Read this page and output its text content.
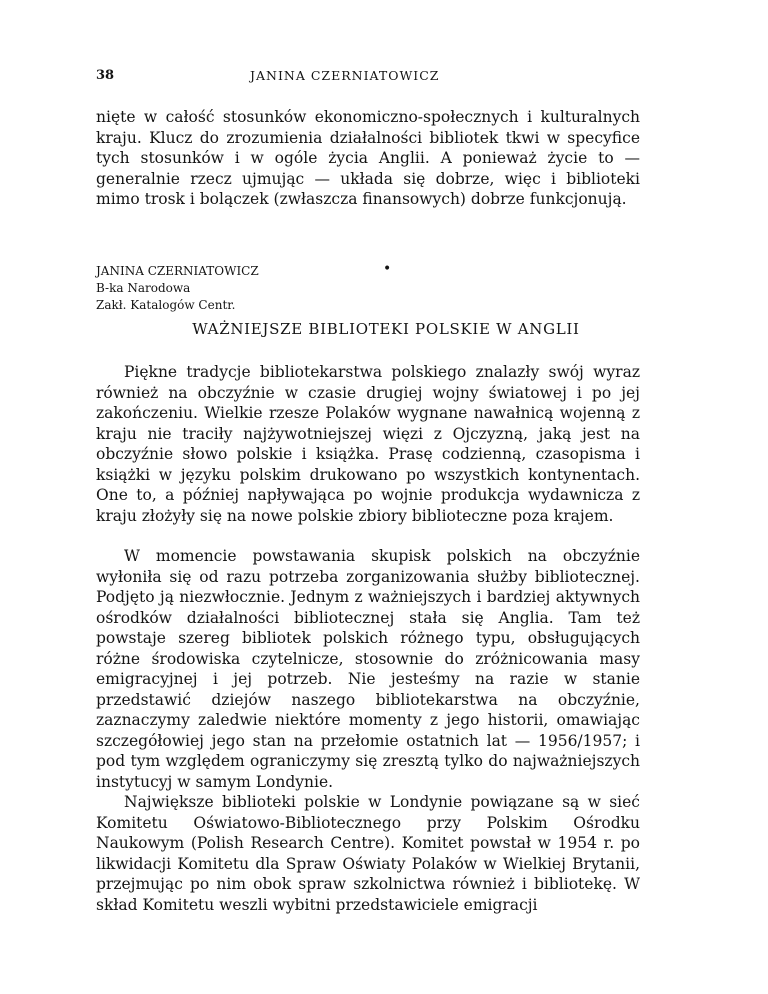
38	JANINA CZERNIATOWICZ

nięte w całość stosunków ekonomiczno-społecznych i kulturalnych kraju. Klucz do zrozumienia działalności bibliotek tkwi w specyfice tych stosunków i w ogóle życia Anglii. A ponieważ życie to — generalnie rzecz ujmując — układa się dobrze, więc i biblioteki mimo trosk i bolączek (zwłaszcza finansowych) dobrze funkcjonują.

JANINA CZERNIATOWICZ
B-ka Narodowa
Zakł. Katalogów Centr.
•
WAŻNIEJSZE BIBLIOTEKI POLSKIE W ANGLII

Piękne tradycje bibliotekarstwa polskiego znalazły swój wyraz również na obczyźnie w czasie drugiej wojny światowej i po jej zakończeniu. Wielkie rzesze Polaków wygnane nawałnicą wojenną z kraju nie traciły najżywotniejszej więzi z Ojczyzną, jaką jest na obczyźnie słowo polskie i książka. Prasę codzienną, czasopisma i książki w języku polskim drukowano po wszystkich kontynentach. One to, a później napływająca po wojnie produkcja wydawnicza z kraju złożyły się na nowe polskie zbiory biblioteczne poza krajem.

W momencie powstawania skupisk polskich na obczyźnie wyłoniła się od razu potrzeba zorganizowania służby bibliotecznej. Podjęto ją niezwłocznie. Jednym z ważniejszych i bardziej aktywnych ośrodków działalności bibliotecznej stała się Anglia. Tam też powstaje szereg bibliotek polskich różnego typu, obsługujących różne środowiska czytelnicze, stosownie do zróżnicowania masy emigracyjnej i jej potrzeb. Nie jesteśmy na razie w stanie przedstawić dziejów naszego bibliotekarstwa na obczyźnie, zaznaczymy zaledwie niektóre momenty z jego historii, omawiając szczegółowiej jego stan na przełomie ostatnich lat — 1956/1957; i pod tym względem ograniczymy się zresztą tylko do najważniejszych instytucyj w samym Londynie.

Największe biblioteki polskie w Londynie powiązane są w sieć Komitetu Oświatowo-Bibliotecznego przy Polskim Ośrodku Naukowym (Polish Research Centre). Komitet powstał w 1954 r. po likwidacji Komitetu dla Spraw Oświaty Polaków w Wielkiej Brytanii, przejmując po nim obok spraw szkolnictwa również i bibliotekę. W skład Komitetu weszli wybitni przedstawiciele emigracji
